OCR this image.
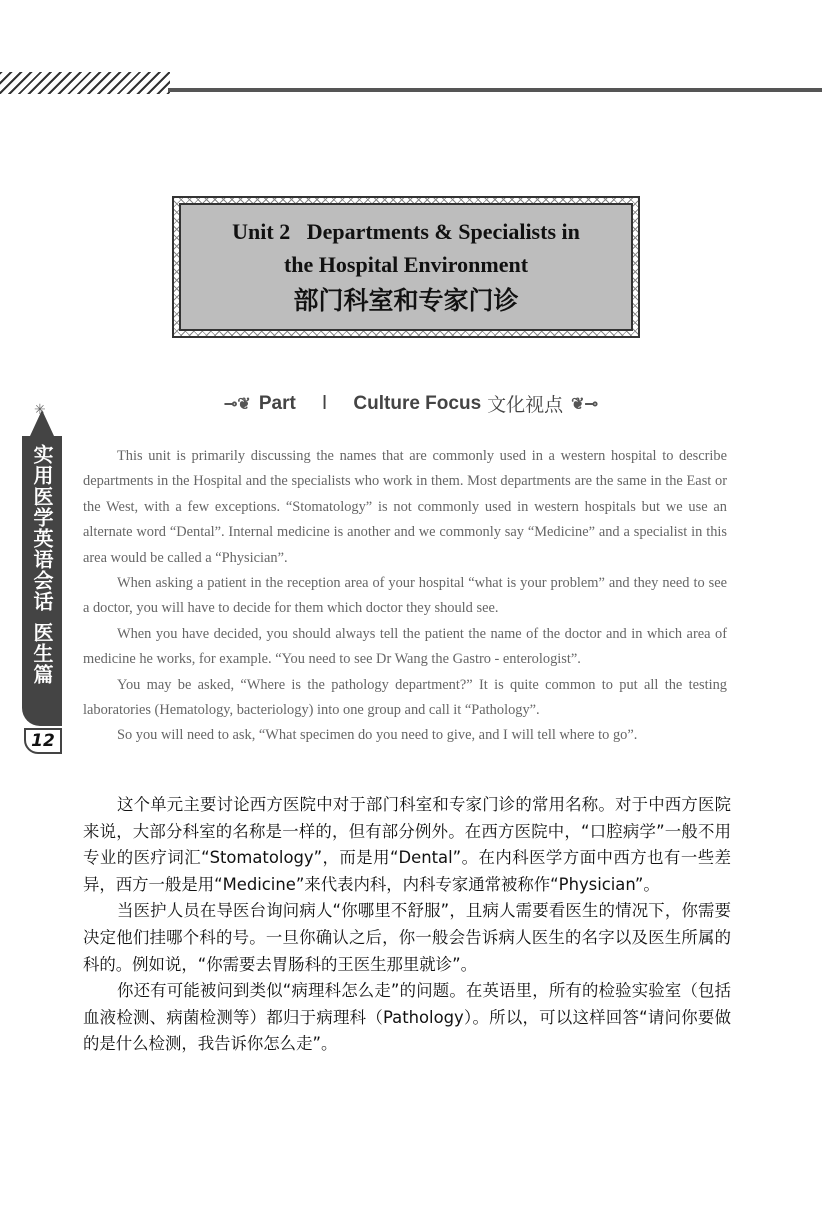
Unit 2   Departments & Specialists in
the Hospital Environment
部门科室和专家门诊
⊸❦ Part Ⅰ Culture Focus 文化视点 ❦⊸
✳
实用医学英语会话
医生篇
12

This unit is primarily discussing the names that are commonly used in a western hospital to describe departments in the Hospital and the specialists who work in them. Most departments are the same in the East or the West, with a few exceptions. “Stomatology” is not commonly used in western hospitals but we use an alternate word “Dental”. Internal medicine is another and we commonly say “Medicine” and a specialist in this area would be called a “Physician”.

When asking a patient in the reception area of your hospital “what is your problem” and they need to see a doctor, you will have to decide for them which doctor they should see.

When you have decided, you should always tell the patient the name of the doctor and in which area of medicine he works, for example. “You need to see Dr Wang the Gastro - enterologist”.

You may be asked, “Where is the pathology department?” It is quite common to put all the testing laboratories (Hematology, bacteriology) into one group and call it “Pathology”.

So you will need to ask, “What specimen do you need to give, and I will tell where to go”.

这个单元主要讨论西方医院中对于部门科室和专家门诊的常用名称。对于中西方医院来说，大部分科室的名称是一样的，但有部分例外。在西方医院中，“口腔病学”一般不用专业的医疗词汇“Stomatology”，而是用“Dental”。在内科医学方面中西方也有一些差异，西方一般是用“Medicine”来代表内科，内科专家通常被称作“Physician”。

当医护人员在导医台询问病人“你哪里不舒服”，且病人需要看医生的情况下，你需要决定他们挂哪个科的号。一旦你确认之后，你一般会告诉病人医生的名字以及医生所属的科的。例如说，“你需要去胃肠科的王医生那里就诊”。

你还有可能被问到类似“病理科怎么走”的问题。在英语里，所有的检验实验室（包括血液检测、病菌检测等）都归于病理科（Pathology）。所以，可以这样回答“请问你要做的是什么检测，我告诉你怎么走”。
